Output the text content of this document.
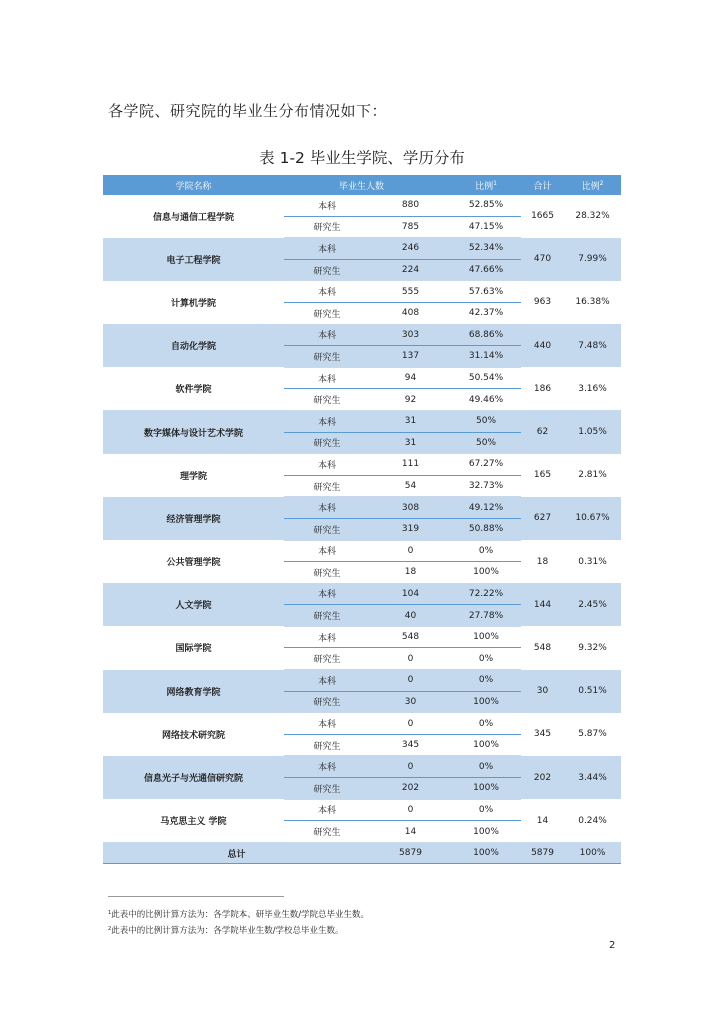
各学院、研究院的毕业生分布情况如下：

表 1-2 毕业生学院、学历分布

学院名称	毕业生人数		比例$^1$	合计	比例$^2$
信息与通信工程学院	本科	880	52.85%	1665	28.32%
	研究生	785	47.15%		
电子工程学院	本科	246	52.34%	470	7.99%
	研究生	224	47.66%		
计算机学院	本科	555	57.63%	963	16.38%
	研究生	408	42.37%		
自动化学院	本科	303	68.86%	440	7.48%
	研究生	137	31.14%		
软件学院	本科	94	50.54%	186	3.16%
	研究生	92	49.46%		
数字媒体与设计艺术学院	本科	31	50%	62	1.05%
	研究生	31	50%		
理学院	本科	111	67.27%	165	2.81%
	研究生	54	32.73%		
经济管理学院	本科	308	49.12%	627	10.67%
	研究生	319	50.88%		
公共管理学院	本科	0	0%	18	0.31%
	研究生	18	100%		
人文学院	本科	104	72.22%	144	2.45%
	研究生	40	27.78%		
国际学院	本科	548	100%	548	9.32%
	研究生	0	0%		
网络教育学院	本科	0	0%	30	0.51%
	研究生	30	100%		
网络技术研究院	本科	0	0%	345	5.87%
	研究生	345	100%		
信息光子与光通信研究院	本科	0	0%	202	3.44%
	研究生	202	100%		
马克思主义 学院	本科	0	0%	14	0.24%
	研究生	14	100%		
总计		5879	100%	5879	100%

$^1$此表中的比例计算方法为：各学院本、研毕业生数/学院总毕业生数。

$^2$此表中的比例计算方法为：各学院毕业生数/学校总毕业生数。

2
